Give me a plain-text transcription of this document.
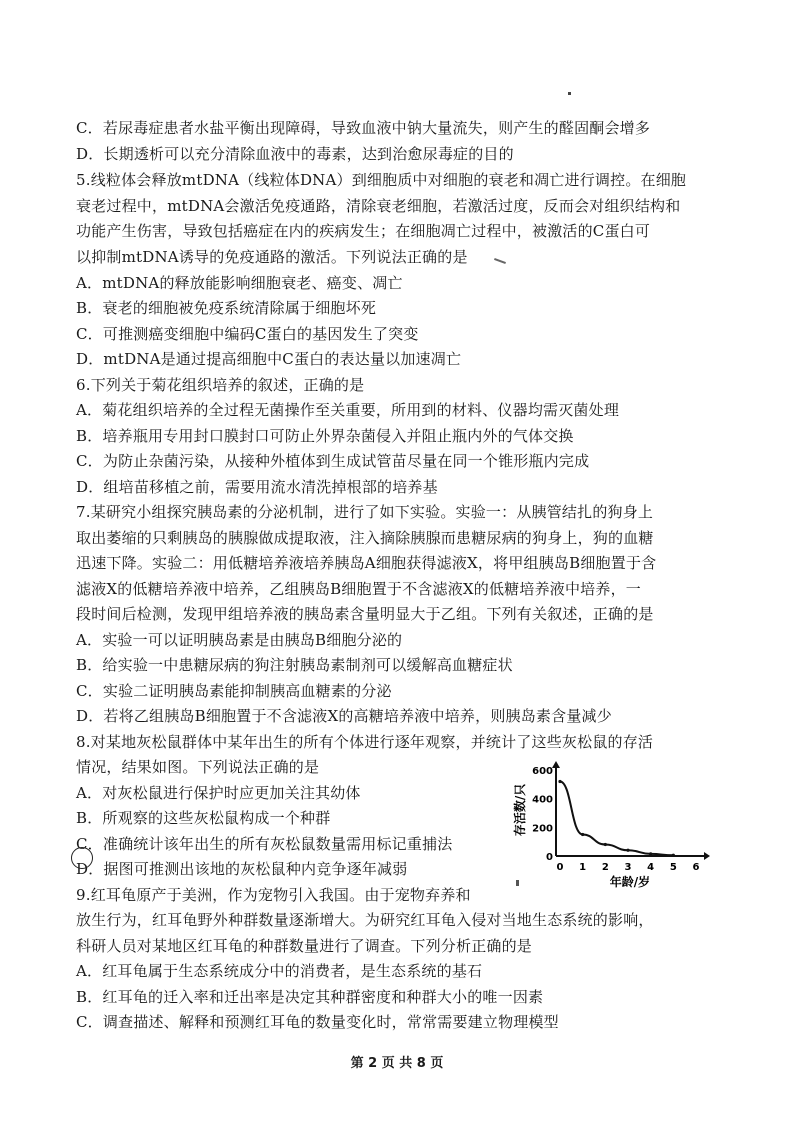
C．若尿毒症患者水盐平衡出现障碍，导致血液中钠大量流失，则产生的醛固酮会增多
D．长期透析可以充分清除血液中的毒素，达到治愈尿毒症的目的
5.线粒体会释放mtDNA（线粒体DNA）到细胞质中对细胞的衰老和凋亡进行调控。在细胞
衰老过程中，mtDNA会激活免疫通路，清除衰老细胞，若激活过度，反而会对组织结构和
功能产生伤害，导致包括癌症在内的疾病发生；在细胞凋亡过程中，被激活的C蛋白可
以抑制mtDNA诱导的免疫通路的激活。下列说法正确的是
A．mtDNA的释放能影响细胞衰老、癌变、凋亡
B．衰老的细胞被免疫系统清除属于细胞坏死
C．可推测癌变细胞中编码C蛋白的基因发生了突变
D．mtDNA是通过提高细胞中C蛋白的表达量以加速凋亡
6.下列关于菊花组织培养的叙述，正确的是
A．菊花组织培养的全过程无菌操作至关重要，所用到的材料、仪器均需灭菌处理
B．培养瓶用专用封口膜封口可防止外界杂菌侵入并阻止瓶内外的气体交换
C．为防止杂菌污染，从接种外植体到生成试管苗尽量在同一个锥形瓶内完成
D．组培苗移植之前，需要用流水清洗掉根部的培养基
7.某研究小组探究胰岛素的分泌机制，进行了如下实验。实验一：从胰管结扎的狗身上
取出萎缩的只剩胰岛的胰腺做成提取液，注入摘除胰腺而患糖尿病的狗身上，狗的血糖
迅速下降。实验二：用低糖培养液培养胰岛A细胞获得滤液X，将甲组胰岛B细胞置于含
滤液X的低糖培养液中培养，乙组胰岛B细胞置于不含滤液X的低糖培养液中培养，一
段时间后检测，发现甲组培养液的胰岛素含量明显大于乙组。下列有关叙述，正确的是
A．实验一可以证明胰岛素是由胰岛B细胞分泌的
B．给实验一中患糖尿病的狗注射胰岛素制剂可以缓解高血糖症状
C．实验二证明胰岛素能抑制胰高血糖素的分泌
D．若将乙组胰岛B细胞置于不含滤液X的高糖培养液中培养，则胰岛素含量减少
8.对某地灰松鼠群体中某年出生的所有个体进行逐年观察，并统计了这些灰松鼠的存活
情况，结果如图。下列说法正确的是
A．对灰松鼠进行保护时应更加关注其幼体
B．所观察的这些灰松鼠构成一个种群
C．准确统计该年出生的所有灰松鼠数量需用标记重捕法
D．据图可推测出该地的灰松鼠种内竞争逐年减弱
9.红耳龟原产于美洲，作为宠物引入我国。由于宠物弃养和
放生行为，红耳龟野外种群数量逐渐增大。为研究红耳龟入侵对当地生态系统的影响，
科研人员对某地区红耳龟的种群数量进行了调查。下列分析正确的是
A．红耳龟属于生态系统成分中的消费者，是生态系统的基石
B．红耳龟的迁入率和迁出率是决定其种群密度和种群大小的唯一因素
C．调查描述、解释和预测红耳龟的数量变化时，常常需要建立物理模型
0
200
400
600
0 1 2 3 4 5 6
存活数/只
年龄/岁
第 2 页 共 8 页
